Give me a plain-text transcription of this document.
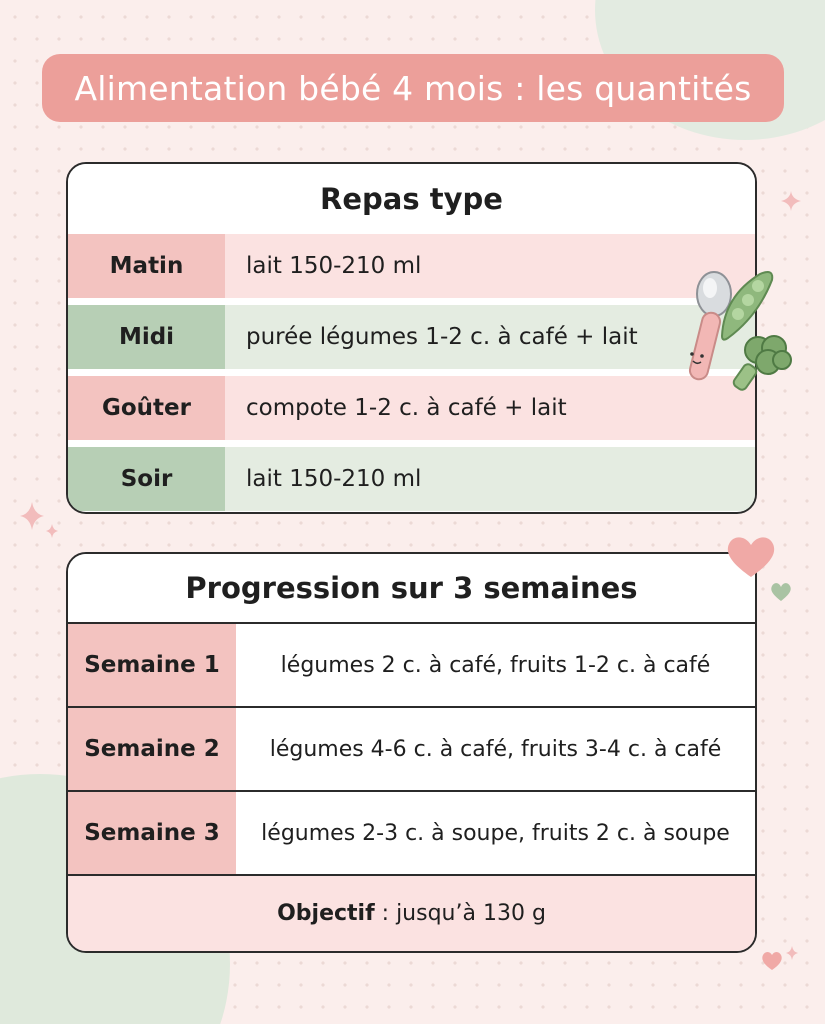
Alimentation bébé 4 mois : les quantités
Repas type
Matin	lait 150-210 ml
Midi	purée légumes 1-2 c. à café + lait
Goûter	compote 1-2 c. à café + lait
Soir	lait 150-210 ml
Progression sur 3 semaines
Semaine 1	légumes 2 c. à café, fruits 1-2 c. à café
Semaine 2	légumes 4-6 c. à café, fruits 3-4 c. à café
Semaine 3	légumes 2-3 c. à soupe, fruits 2 c. à soupe
Objectif : jusqu’à 130 g
